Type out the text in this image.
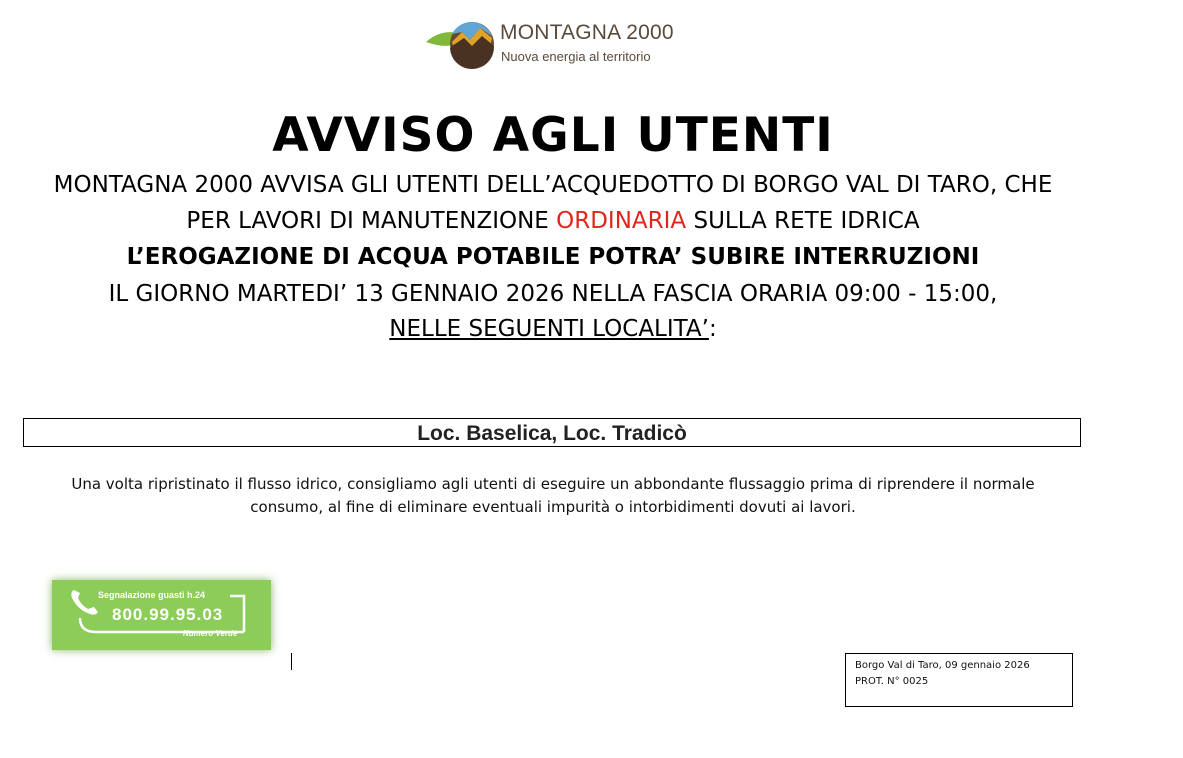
MONTAGNA 2000
Nuova energia al territorio
AVVISO AGLI UTENTI
MONTAGNA 2000 AVVISA GLI UTENTI DELL’ACQUEDOTTO DI BORGO VAL DI TARO, CHE
PER LAVORI DI MANUTENZIONE ORDINARIA SULLA RETE IDRICA
L’EROGAZIONE DI ACQUA POTABILE POTRA’ SUBIRE INTERRUZIONI
IL GIORNO MARTEDI’ 13 GENNAIO 2026 NELLA FASCIA ORARIA 09:00 - 15:00,
NELLE SEGUENTI LOCALITA’:
Loc. Baselica, Loc. Tradicò
Una volta ripristinato il flusso idrico, consigliamo agli utenti di eseguire un abbondante flussaggio prima di riprendere il normale
consumo, al fine di eliminare eventuali impurità o intorbidimenti dovuti ai lavori.
Segnalazione guasti h.24
800.99.95.03
Numero Verde
Borgo Val di Taro, 09 gennaio 2026
PROT. N° 0025
